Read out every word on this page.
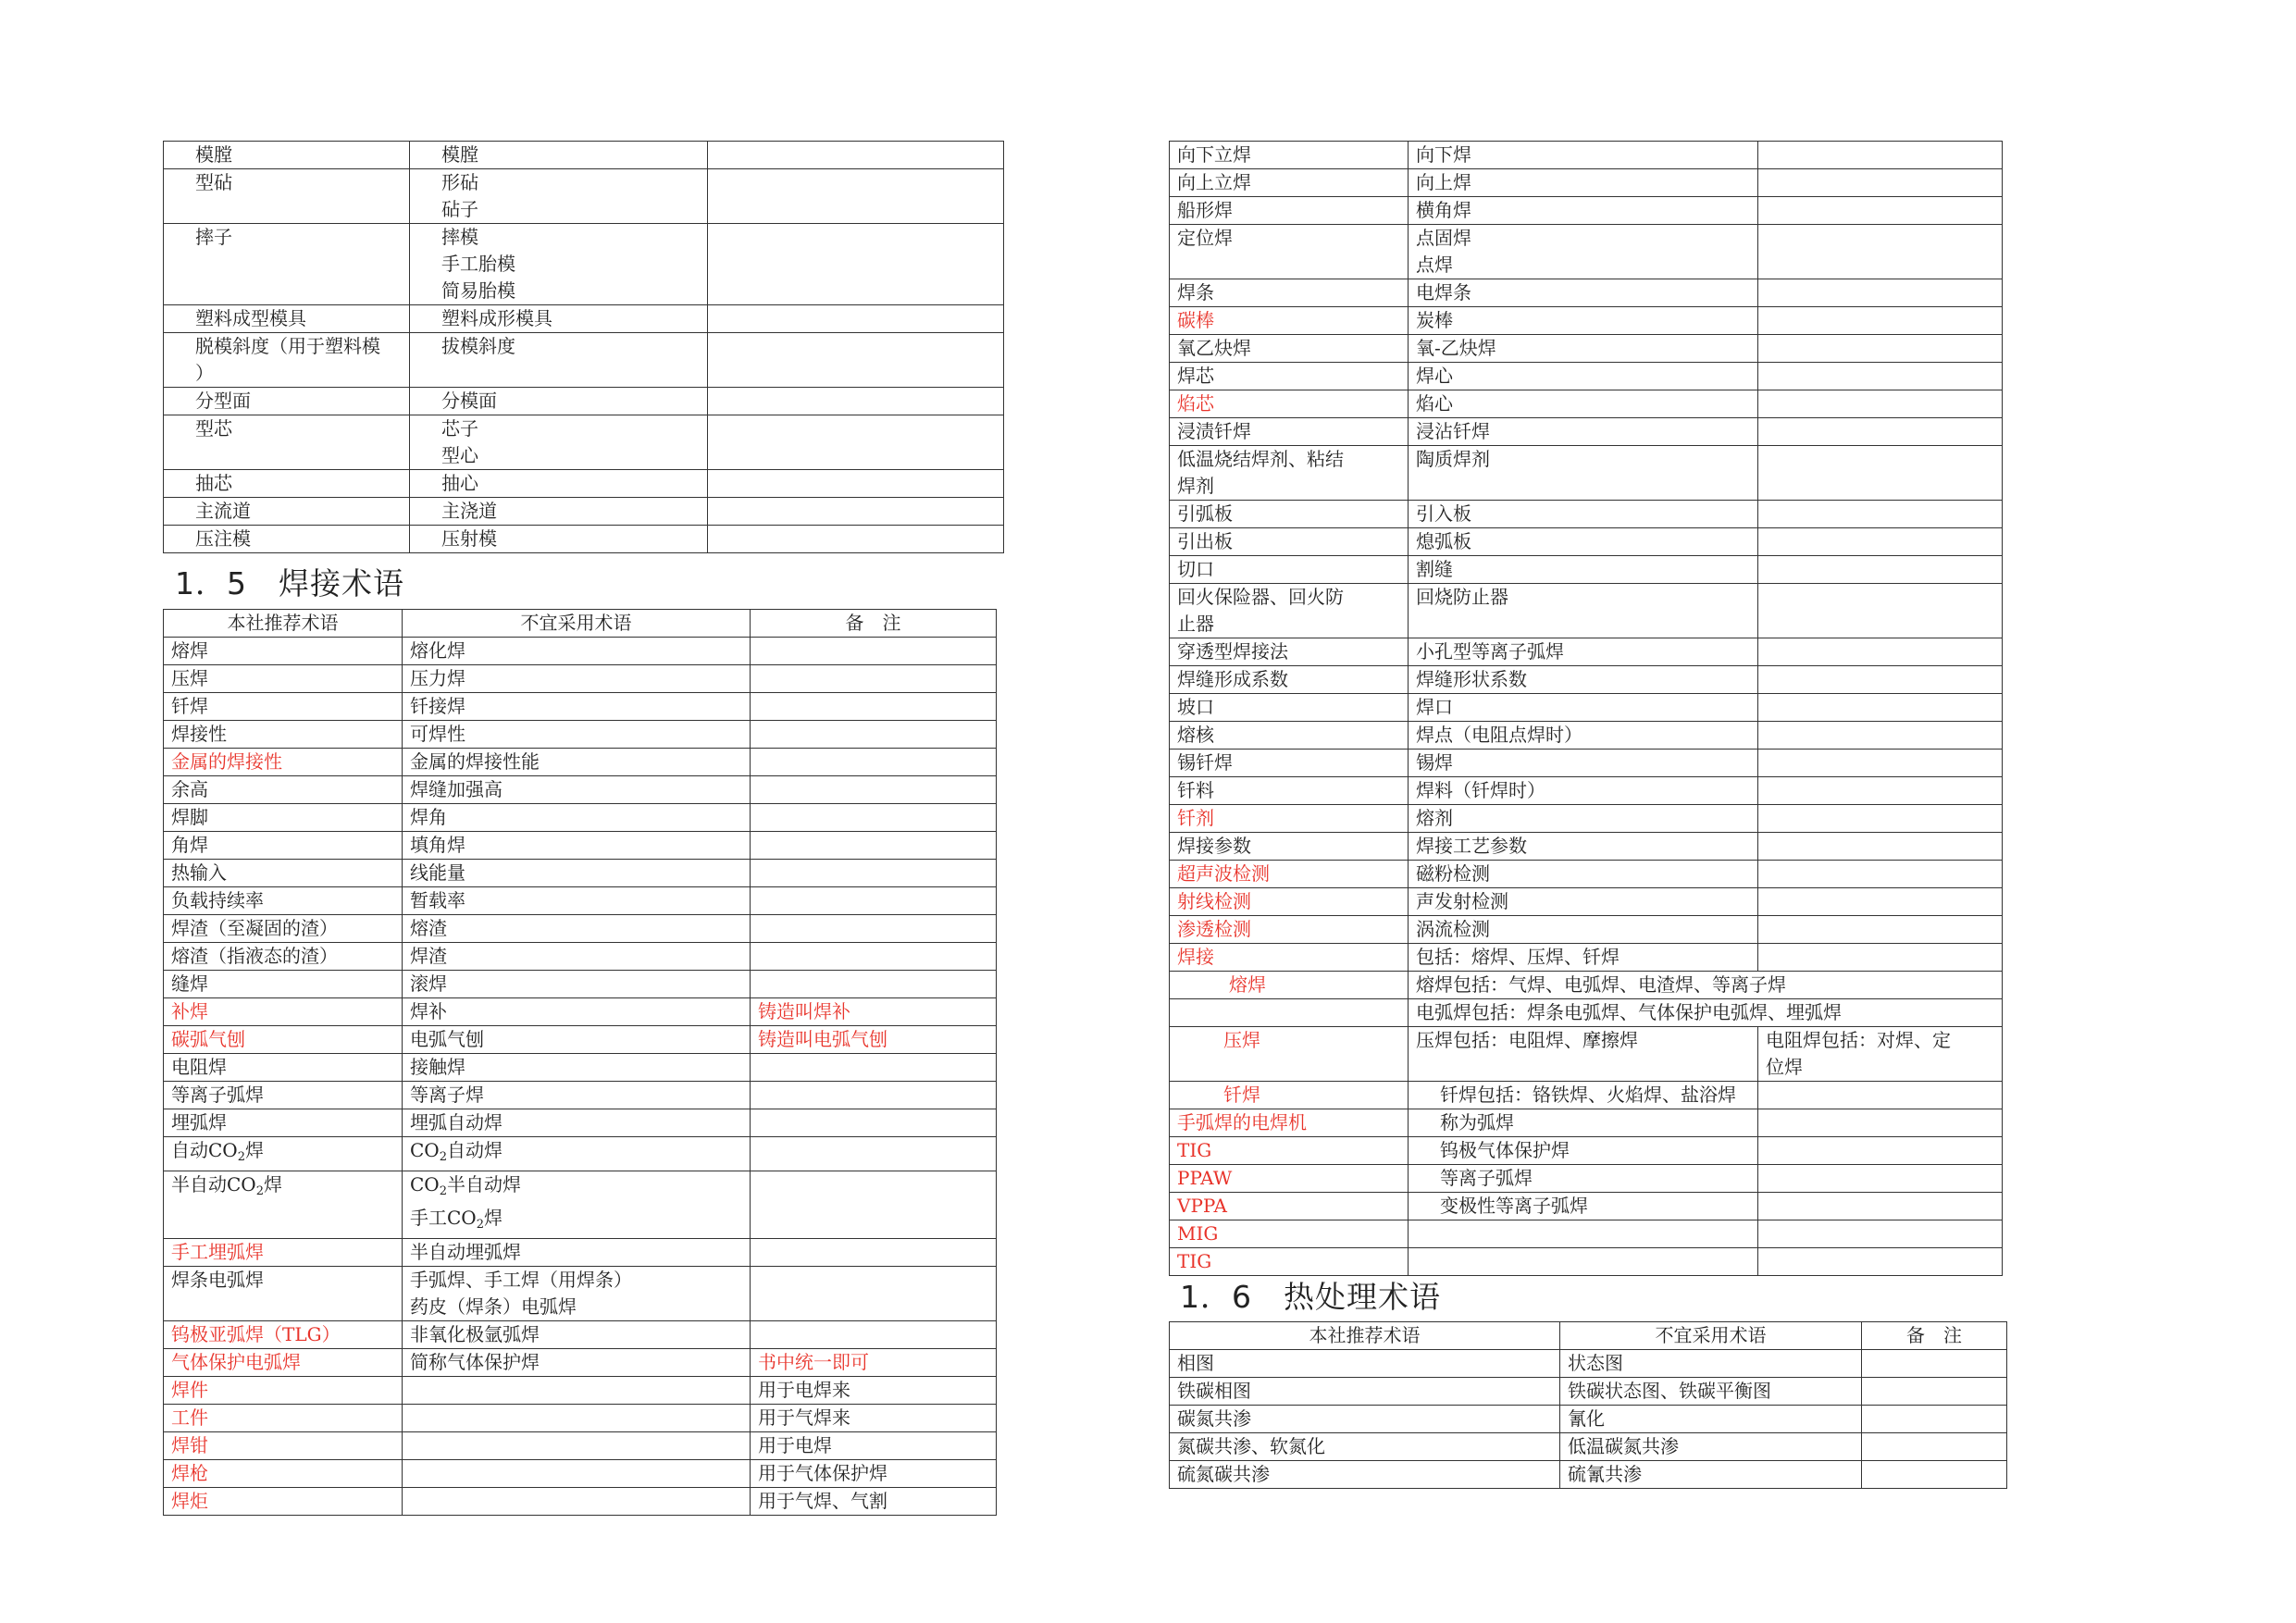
模膛	模膛	
型砧	形砧
砧子	
摔子	摔模
手工胎模
简易胎模	
塑料成型模具	塑料成形模具	
脱模斜度（用于塑料模
）	拔模斜度	
分型面	分模面	
型芯	芯子
型心	
抽芯	抽心	
主流道	主浇道	
压注模	压射模	
1．5　焊接术语
本社推荐术语	不宜采用术语	备　注
熔焊	熔化焊	
压焊	压力焊	
钎焊	钎接焊	
焊接性	可焊性	
金属的焊接性	金属的焊接性能	
余高	焊缝加强高	
焊脚	焊角	
角焊	填角焊	
热输入	线能量	
负载持续率	暂载率	
焊渣（至凝固的渣）	熔渣	
熔渣（指液态的渣）	焊渣	
缝焊	滚焊	
补焊	焊补	铸造叫焊补
碳弧气刨	电弧气刨	铸造叫电弧气刨
电阻焊	接触焊	
等离子弧焊	等离子焊	
埋弧焊	埋弧自动焊	
自动$CO_2$焊	$CO_2$自动焊	
半自动$CO_2$焊	$CO_2$半自动焊
手工$CO_2$焊	
手工埋弧焊	半自动埋弧焊	
焊条电弧焊	手弧焊、手工焊（用焊条）
药皮（焊条）电弧焊	
钨极亚弧焊（TLG）	非氧化极氩弧焊	
气体保护电弧焊	简称气体保护焊	书中统一即可
焊件		用于电焊来
工件		用于气焊来
焊钳		用于电焊
焊枪		用于气体保护焊
焊炬		用于气焊、气割
向下立焊	向下焊	
向上立焊	向上焊	
船形焊	横角焊	
定位焊	点固焊
点焊	
焊条	电焊条	
碳棒	炭棒	
氧乙炔焊	氧-乙炔焊	
焊芯	焊心	
焰芯	焰心	
浸渍钎焊	浸沾钎焊	
低温烧结焊剂、粘结
焊剂	陶质焊剂	
引弧板	引入板	
引出板	熄弧板	
切口	割缝	
回火保险器、回火防
止器	回烧防止器	
穿透型焊接法	小孔型等离子弧焊	
焊缝形成系数	焊缝形状系数	
坡口	焊口	
熔核	焊点（电阻点焊时）	
锡钎焊	锡焊	
钎料	焊料（钎焊时）	
钎剂	熔剂	
焊接参数	焊接工艺参数	
超声波检测	磁粉检测	
射线检测	声发射检测	
渗透检测	涡流检测	
焊接	包括：熔焊、压焊、钎焊	
熔焊	熔焊包括：气焊、电弧焊、电渣焊、等离子焊	
	电弧焊包括：焊条电弧焊、气体保护电弧焊、埋弧焊	
压焊	压焊包括：电阻焊、摩擦焊	电阻焊包括：对焊、定
位焊
钎焊	钎焊包括：铬铁焊、火焰焊、盐浴焊	
手弧焊的电焊机	称为弧焊	
TIG	钨极气体保护焊	
PPAW	等离子弧焊	
VPPA	变极性等离子弧焊	
MIG		
TIG		
1．6　热处理术语
本社推荐术语	不宜采用术语	备　注
相图	状态图	
铁碳相图	铁碳状态图、铁碳平衡图	
碳氮共渗	氰化	
氮碳共渗、软氮化	低温碳氮共渗	
硫氮碳共渗	硫氰共渗	
